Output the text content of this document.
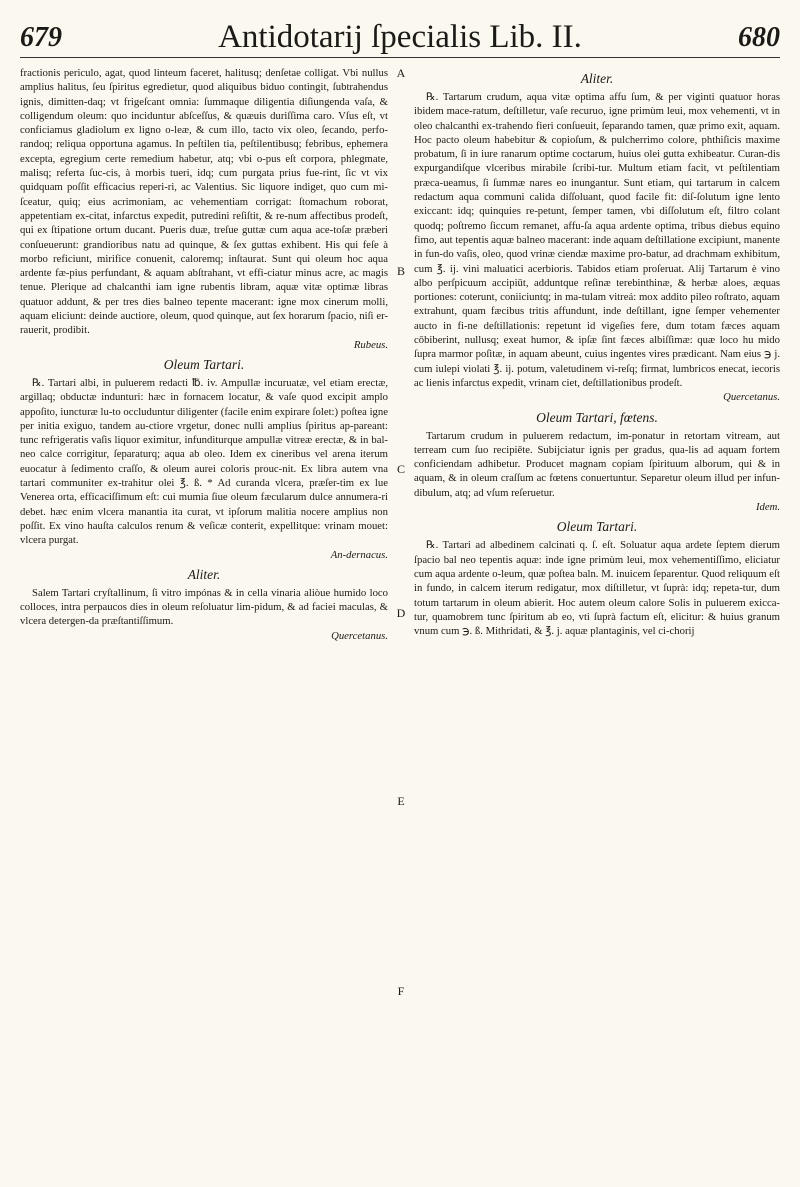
679	Antidotarij ſpecialis Lib. II.	680

fractionis periculo, agat, quod linteum faceret, halitusq; denſetae colligat. Vbi nullus amplius halitus, ſeu ſpiritus egredietur, quod aliquibus biduo contingit, ſubtrahendus ignis, dimitten-daq; vt frigeſcant omnia: ſummaque diligentia diſiungenda vaſa, & colligendum oleum: quo inciduntur abſceſſus, & quæuis duriſſima caro. Vſus eſt, vt conficiamus gladiolum ex ligno o-leæ, & cum illo, tacto vix oleo, ſecando, perfo-randoq; reliqua opportuna agamus. In peſtilen tia, peſtilentibusq; febribus, ephemera excepta, egregium certe remedium habetur, atq; vbi o-pus eſt corpora, phlegmate, malisq; referta ſuc-cis, à morbis tueri, idq; cum purgata prius fue-rint, ſic vt vix quidquam poſſit efficacius reperi-ri, ac Valentius. Sic liquore indiget, quo cum mi-ſceatur, quiq; eius acrimoniam, ac vehementiam corrigat: ſtomachum roborat, appetentiam ex-citat, infarctus expedit, putredini reſiſtit, & re-num affectibus prodeſt, qui ex ſtipatione ortum ducant. Pueris duæ, treſue guttæ cum aqua ace-toſæ præberi conſueuerunt: grandioribus natu ad quinque, & ſex guttas exhibent. His qui feſe à morbo reficiunt, mirifice conuenit, caloremq; inſtaurat. Sunt qui oleum hoc aqua ardente fæ-pius perfundant, & aquam abſtrahant, vt effi-ciatur minus acre, ac magis tenue. Plerique ad chalcanthi iam igne rubentis libram, aquæ vitæ optimæ libras quatuor addunt, & per tres dies balneo tepente macerant: igne mox cinerum molli, aquam eliciunt: deinde auctiore, oleum, quod quinque, aut ſex horarum ſpacio, niſi er-rauerit, prodibit.

Rubeus.
Oleum Tartari.

℞. Tartari albi, in puluerem redacti ℔. iv. Ampullæ incuruatæ, vel etiam erectæ, argillaq; obductæ indunturi: hæc in fornacem locatur, & vaſe quod excipit amplo appoſito, iuncturæ lu-to occluduntur diligenter (facile enim expirare ſolet:) poſtea igne per initia exiguo, tandem au-ctiore vrgetur, donec nulli amplius ſpiritus ap-pareant: tunc refrigeratis vaſis liquor eximitur, infunditurque ampullæ vitreæ erectæ, & in bal-neo calce corrigitur, ſeparaturq; aqua ab oleo. Idem ex cineribus vel arena iterum euocatur à ſedimento craſſo, & oleum aurei coloris prouc-nit. Ex libra autem vna tartari communiter ex-trahitur olei ℥. ß. * Ad curanda vlcera, præſer-tim ex lue Venerea orta, efficaciſſimum eſt: cui mumia ſiue oleum fæcularum dulce annumera-ri debet. hæc enim vlcera manantia ita curat, vt ipſorum malitia nocere amplius non poſſit. Ex vino hauſta calculos renum & veſicæ conterit, expellitque: vrinam mouet: vlcera purgat.

An-dernacus.
Aliter.

Salem Tartari cryſtallinum, ſi vitro impónas & in cella vinaria aliòue humido loco colloces, intra perpaucos dies in oleum reſoluatur lim-pidum, & ad faciei maculas, & vlcera detergen-da præſtantiſſimum.

Quercetanus.
A
B
C
D
E
F
Aliter.

℞. Tartarum crudum, aqua vitæ optima affu ſum, & per viginti quatuor horas ibidem mace-ratum, deſtilletur, vaſe recuruo, igne primùm leui, mox vehementi, vt in oleo chalcanthi ex-trahendo fieri conſueuit, ſeparando tamen, quæ primo exit, aquam. Hoc pacto oleum habebitur & copioſum, & pulcherrimo colore, phthiſicis maxime probatum, ſi in iure ranarum optime coctarum, huius olei gutta exhibeatur. Curan-dis expurgandiſque vlceribus mirabile ſcribi-tur. Multum etiam facit, vt peſtilentiam præca-ueamus, ſi ſummæ nares eo inungantur. Sunt etiam, qui tartarum in calcem redactum aqua communi calida diſſoluant, quod facile fit: diſ-ſolutum igne lento exiccant: idq; quinquies re-petunt, ſemper tamen, vbi diſſolutum eſt, filtro colant quodq; poſtremo ſiccum remanet, affu-ſa aqua ardente optima, tribus diebus equino fimo, aut tepentis aquæ balneo macerant: inde aquam deſtillatione excipiunt, manente in fun-do vaſis, oleo, quod vrinæ ciendæ maxime pro-batur, ad drachmam exhibitum, cum ℥. ij. vini maluatici acerbioris. Tabidos etiam proſeruat. Alij Tartarum è vino albo perſpicuum accipiūt, adduntque reſinæ terebinthinæ, & herbæ aloes, æquas portiones: coterunt, coniiciuntq; in ma-tulam vitreá: mox addito pileo roſtrato, aquam extrahunt, quam fæcibus tritis affundunt, inde deſtillant, igne ſemper vehementer aucto in fi-ne deſtillationis: repetunt id vigeſies fere, dum totam fæces aquam cōbiberint, nullusq; exeat humor, & ipſæ ſint fæces albiſſimæ: quæ loco hu mido ſupra marmor poſitæ, in aquam abeunt, cuius ingentes vires prædicant. Nam eius ℈ j. cum iulepi violati ℥. ij. potum, valetudinem vi-reſq; firmat, lumbricos enecat, iecoris ac lienis infarctus expedit, vrinam ciet, deſtillationibus prodeſt.

Quercetanus.
Oleum Tartari, fœtens.

Tartarum crudum in puluerem redactum, im-ponatur in retortam vitream, aut terream cum ſuo recipiēte. Subijciatur ignis per gradus, qua-lis ad aquam fortem conficiendam adhibetur. Producet magnam copiam ſpirituum alborum, qui & in aquam, & in oleum craſſum ac fœtens conuertuntur. Separetur oleum illud per infun-dibulum, atq; ad vſum reſeruetur.

Idem.
Oleum Tartari.

℞. Tartari ad albedinem calcinati q. ſ. eſt. Soluatur aqua ardete ſeptem dierum ſpacio bal neo tepentis aquæ: inde igne primùm leui, mox vehementiſſimo, eliciatur cum aqua ardente o-leum, quæ poſtea baln. M. inuicem ſeparentur. Quod reliquum eſt in fundo, in calcem iterum redigatur, mox diſtilletur, vt ſuprà: idq; repeta-tur, dum totum tartarum in oleum abierit. Hoc autem oleum calore Solis in puluerem exicca-tur, quamobrem tunc ſpiritum ab eo, vti ſuprà factum eſt, elicitur: & huius granum vnum cum ℈. ß. Mithridati, & ℥. j. aquæ plantaginis, vel ci-chorij
